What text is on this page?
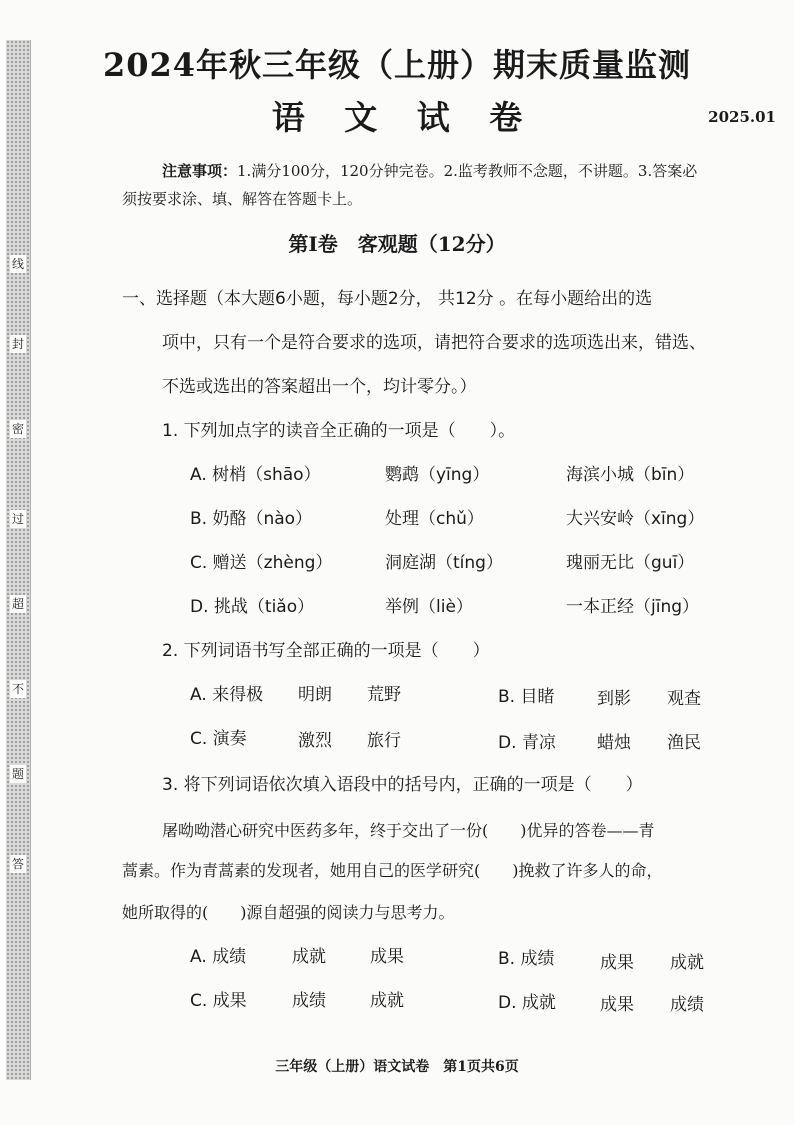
线
封
密
过
超
不
题
答
2024年秋三年级（上册）期末质量监测
语 文 试 卷	2025.01
注意事项：1.满分100分，120分钟完卷。2.监考教师不念题，不讲题。3.答案必
须按要求涂、填、解答在答题卡上。
第Ⅰ卷　客观题（12分）
一、选择题（本大题6小题，每小题2分， 共12分 。在每小题给出的选
项中，只有一个是符合要求的选项，请把符合要求的选项选出来，错选、
不选或选出的答案超出一个，均计零分。）
1. 下列加点字的读音全正确的一项是（　　）。
A. 树梢（shāo）	鹦鹉（yīng）	海滨小城（bīn）
B. 奶酪（nào）	处理（chǔ）	大兴安岭（xīng）
C. 赠送（zhèng）	洞庭湖（tíng）	瑰丽无比（guī）
D. 挑战（tiǎo）	举例（liè）	一本正经（jīng）
2. 下列词语书写全部正确的一项是（　　）
A. 来得极 明朗 荒野	B. 目睹	到影 观查
C. 演奏	激烈 旅行	D. 青凉 蜡烛 渔民
3. 将下列词语依次填入语段中的括号内，正确的一项是（　　）
屠呦呦潜心研究中医药多年，终于交出了一份(　　)优异的答卷——青
蒿素。作为青蒿素的发现者，她用自己的医学研究(　　)挽救了许多人的命，
她所取得的(　　)源自超强的阅读力与思考力。
A. 成绩	成就	成果	B. 成绩	成果 成就
C. 成果	成绩	成就	D. 成就	成果 成绩
三年级（上册）语文试卷　第1页共6页
